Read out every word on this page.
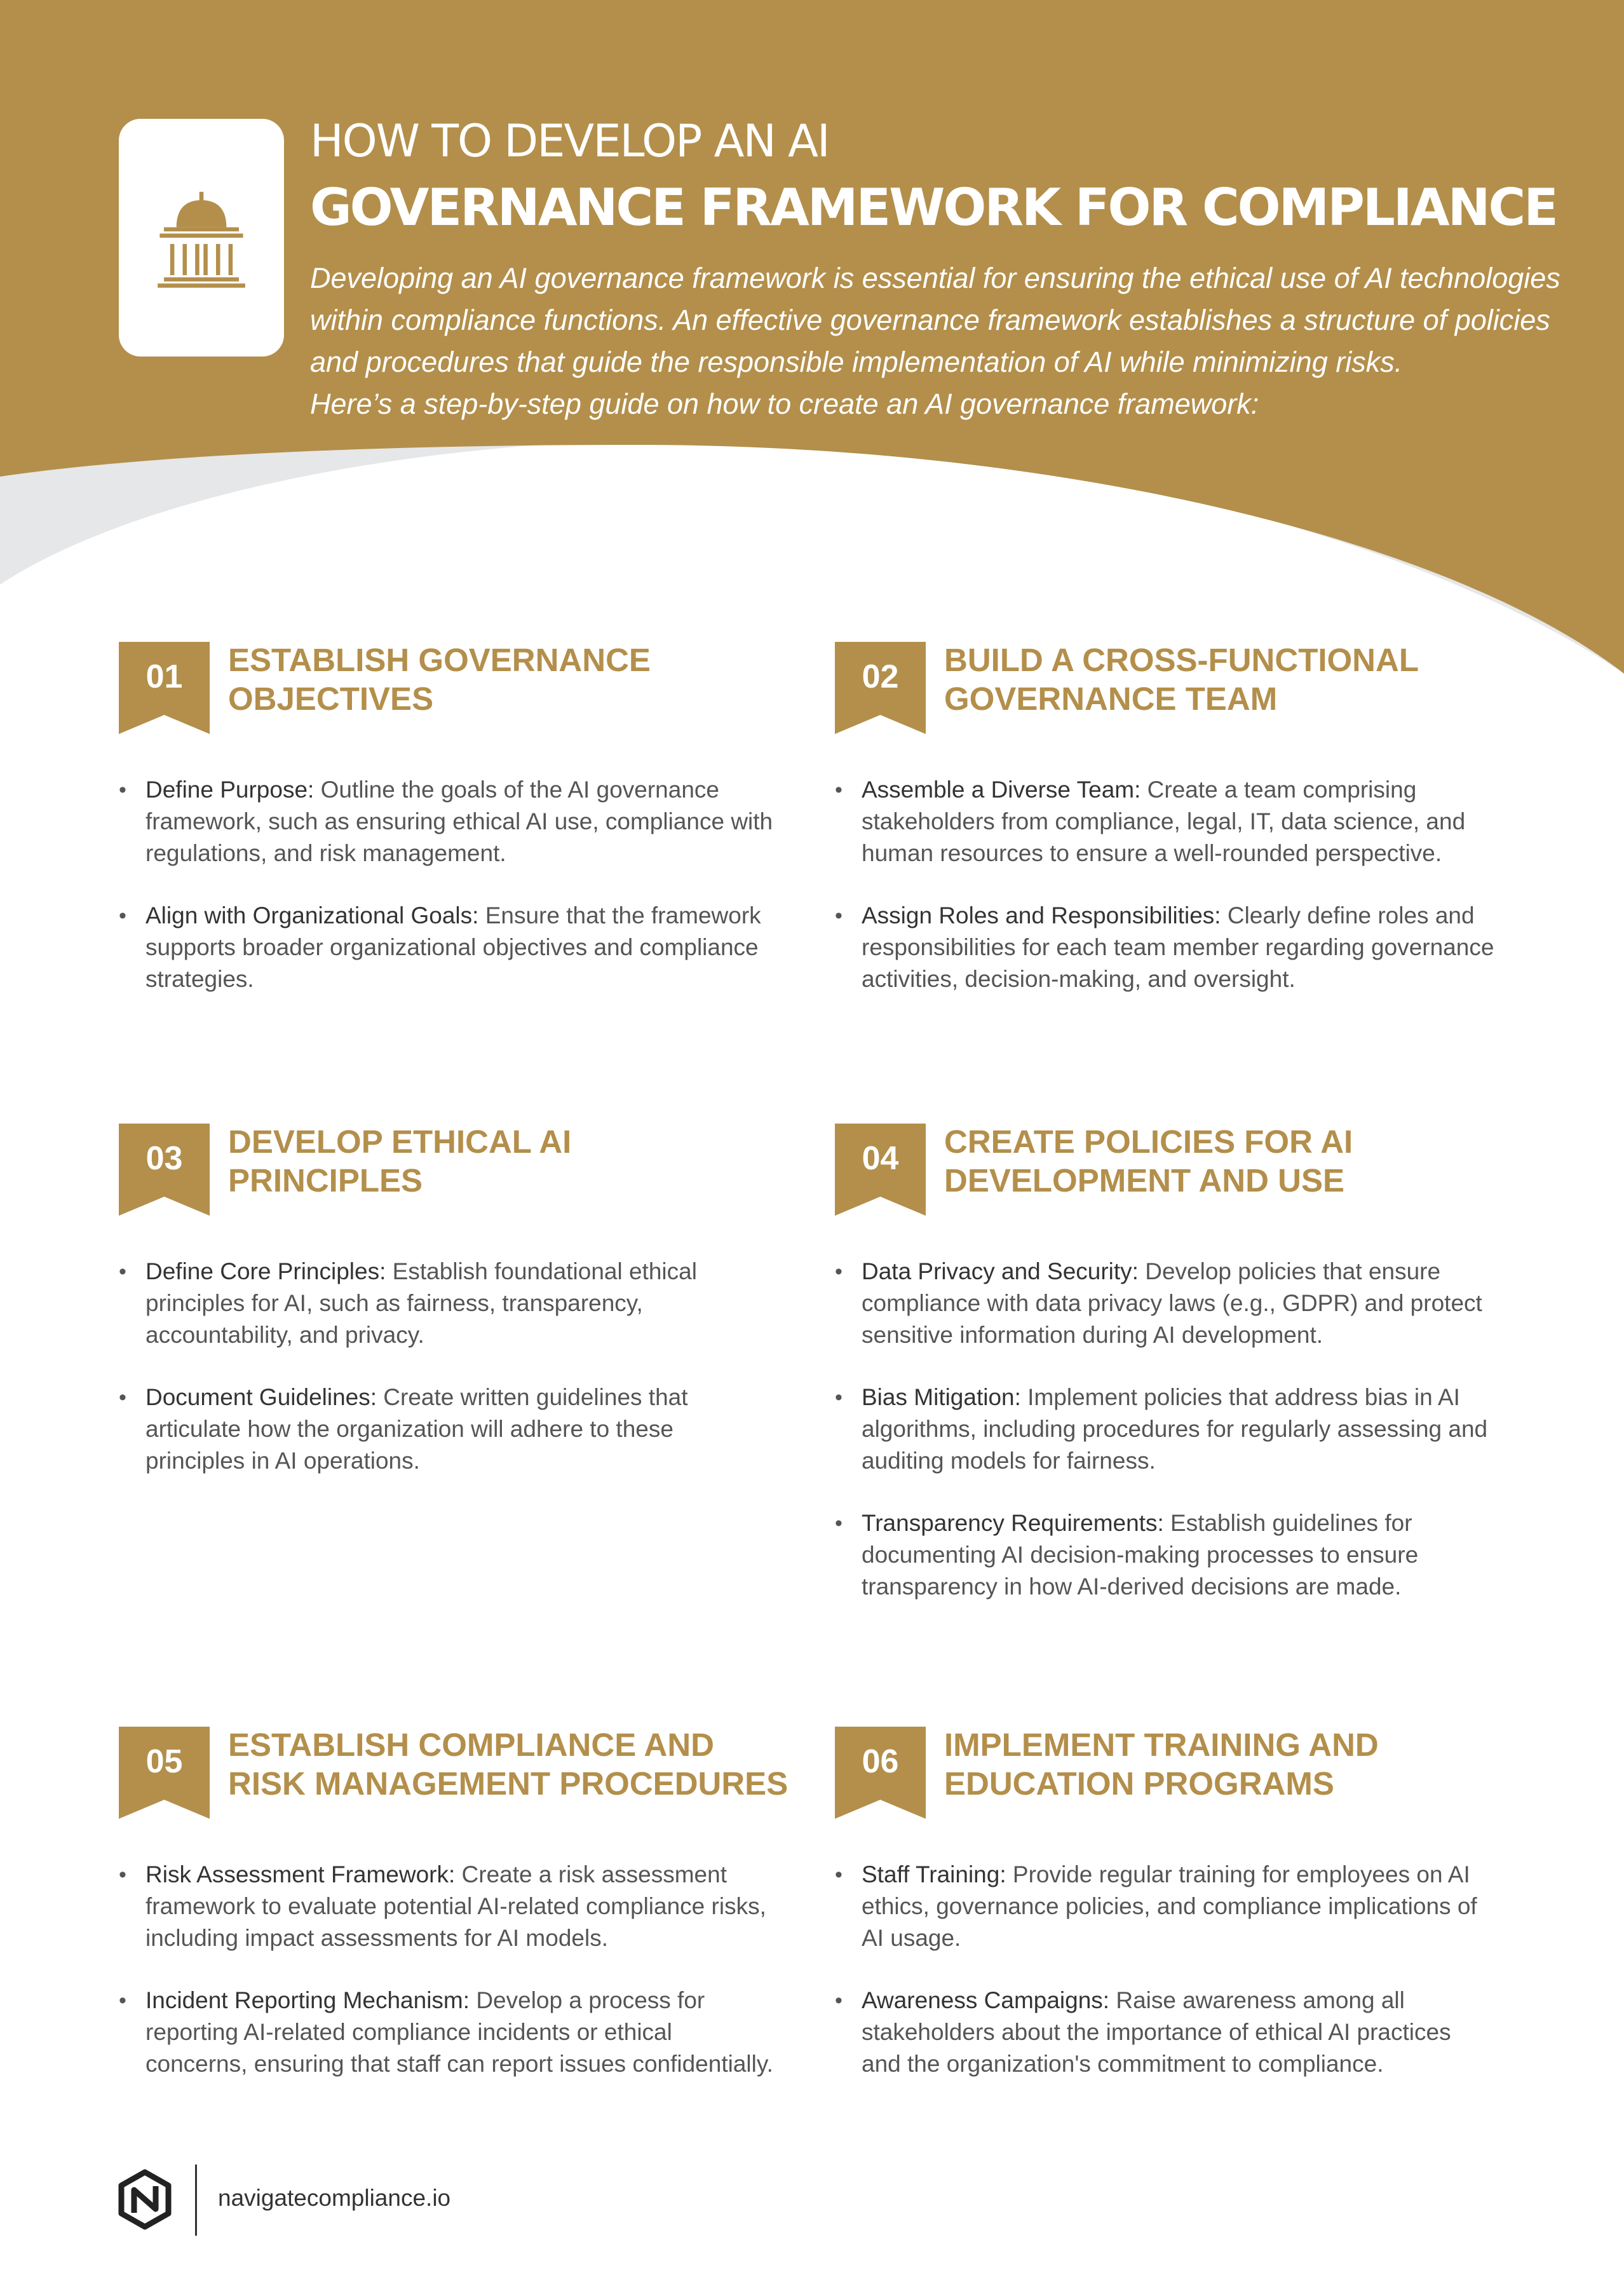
HOW TO DEVELOP AN AI
GOVERNANCE FRAMEWORK FOR COMPLIANCE
Developing an AI governance framework is essential for ensuring the ethical use of AI technologies
within compliance functions. An effective governance framework establishes a structure of policies
and procedures that guide the responsible implementation of AI while minimizing risks.
Here’s a step-by-step guide on how to create an AI governance framework:
01	ESTABLISH GOVERNANCE
OBJECTIVES
• Define Purpose: Outline the goals of the AI governance
framework, such as ensuring ethical AI use, compliance with
regulations, and risk management.
• Align with Organizational Goals: Ensure that the framework
supports broader organizational objectives and compliance
strategies.
02	BUILD A CROSS-FUNCTIONAL
GOVERNANCE TEAM
• Assemble a Diverse Team: Create a team comprising
stakeholders from compliance, legal, IT, data science, and
human resources to ensure a well-rounded perspective.
• Assign Roles and Responsibilities: Clearly define roles and
responsibilities for each team member regarding governance
activities, decision-making, and oversight.
03	DEVELOP ETHICAL AI
PRINCIPLES
• Define Core Principles: Establish foundational ethical
principles for AI, such as fairness, transparency,
accountability, and privacy.
• Document Guidelines: Create written guidelines that
articulate how the organization will adhere to these
principles in AI operations.
04	CREATE POLICIES FOR AI
DEVELOPMENT AND USE
• Data Privacy and Security: Develop policies that ensure
compliance with data privacy laws (e.g., GDPR) and protect
sensitive information during AI development.
• Bias Mitigation: Implement policies that address bias in AI
algorithms, including procedures for regularly assessing and
auditing models for fairness.
• Transparency Requirements: Establish guidelines for
documenting AI decision-making processes to ensure
transparency in how AI-derived decisions are made.
05	ESTABLISH COMPLIANCE AND
RISK MANAGEMENT PROCEDURES
• Risk Assessment Framework: Create a risk assessment
framework to evaluate potential AI-related compliance risks,
including impact assessments for AI models.
• Incident Reporting Mechanism: Develop a process for
reporting AI-related compliance incidents or ethical
concerns, ensuring that staff can report issues confidentially.
06	IMPLEMENT TRAINING AND
EDUCATION PROGRAMS
• Staff Training: Provide regular training for employees on AI
ethics, governance policies, and compliance implications of
AI usage.
• Awareness Campaigns: Raise awareness among all
stakeholders about the importance of ethical AI practices
and the organization's commitment to compliance.
navigatecompliance.io
